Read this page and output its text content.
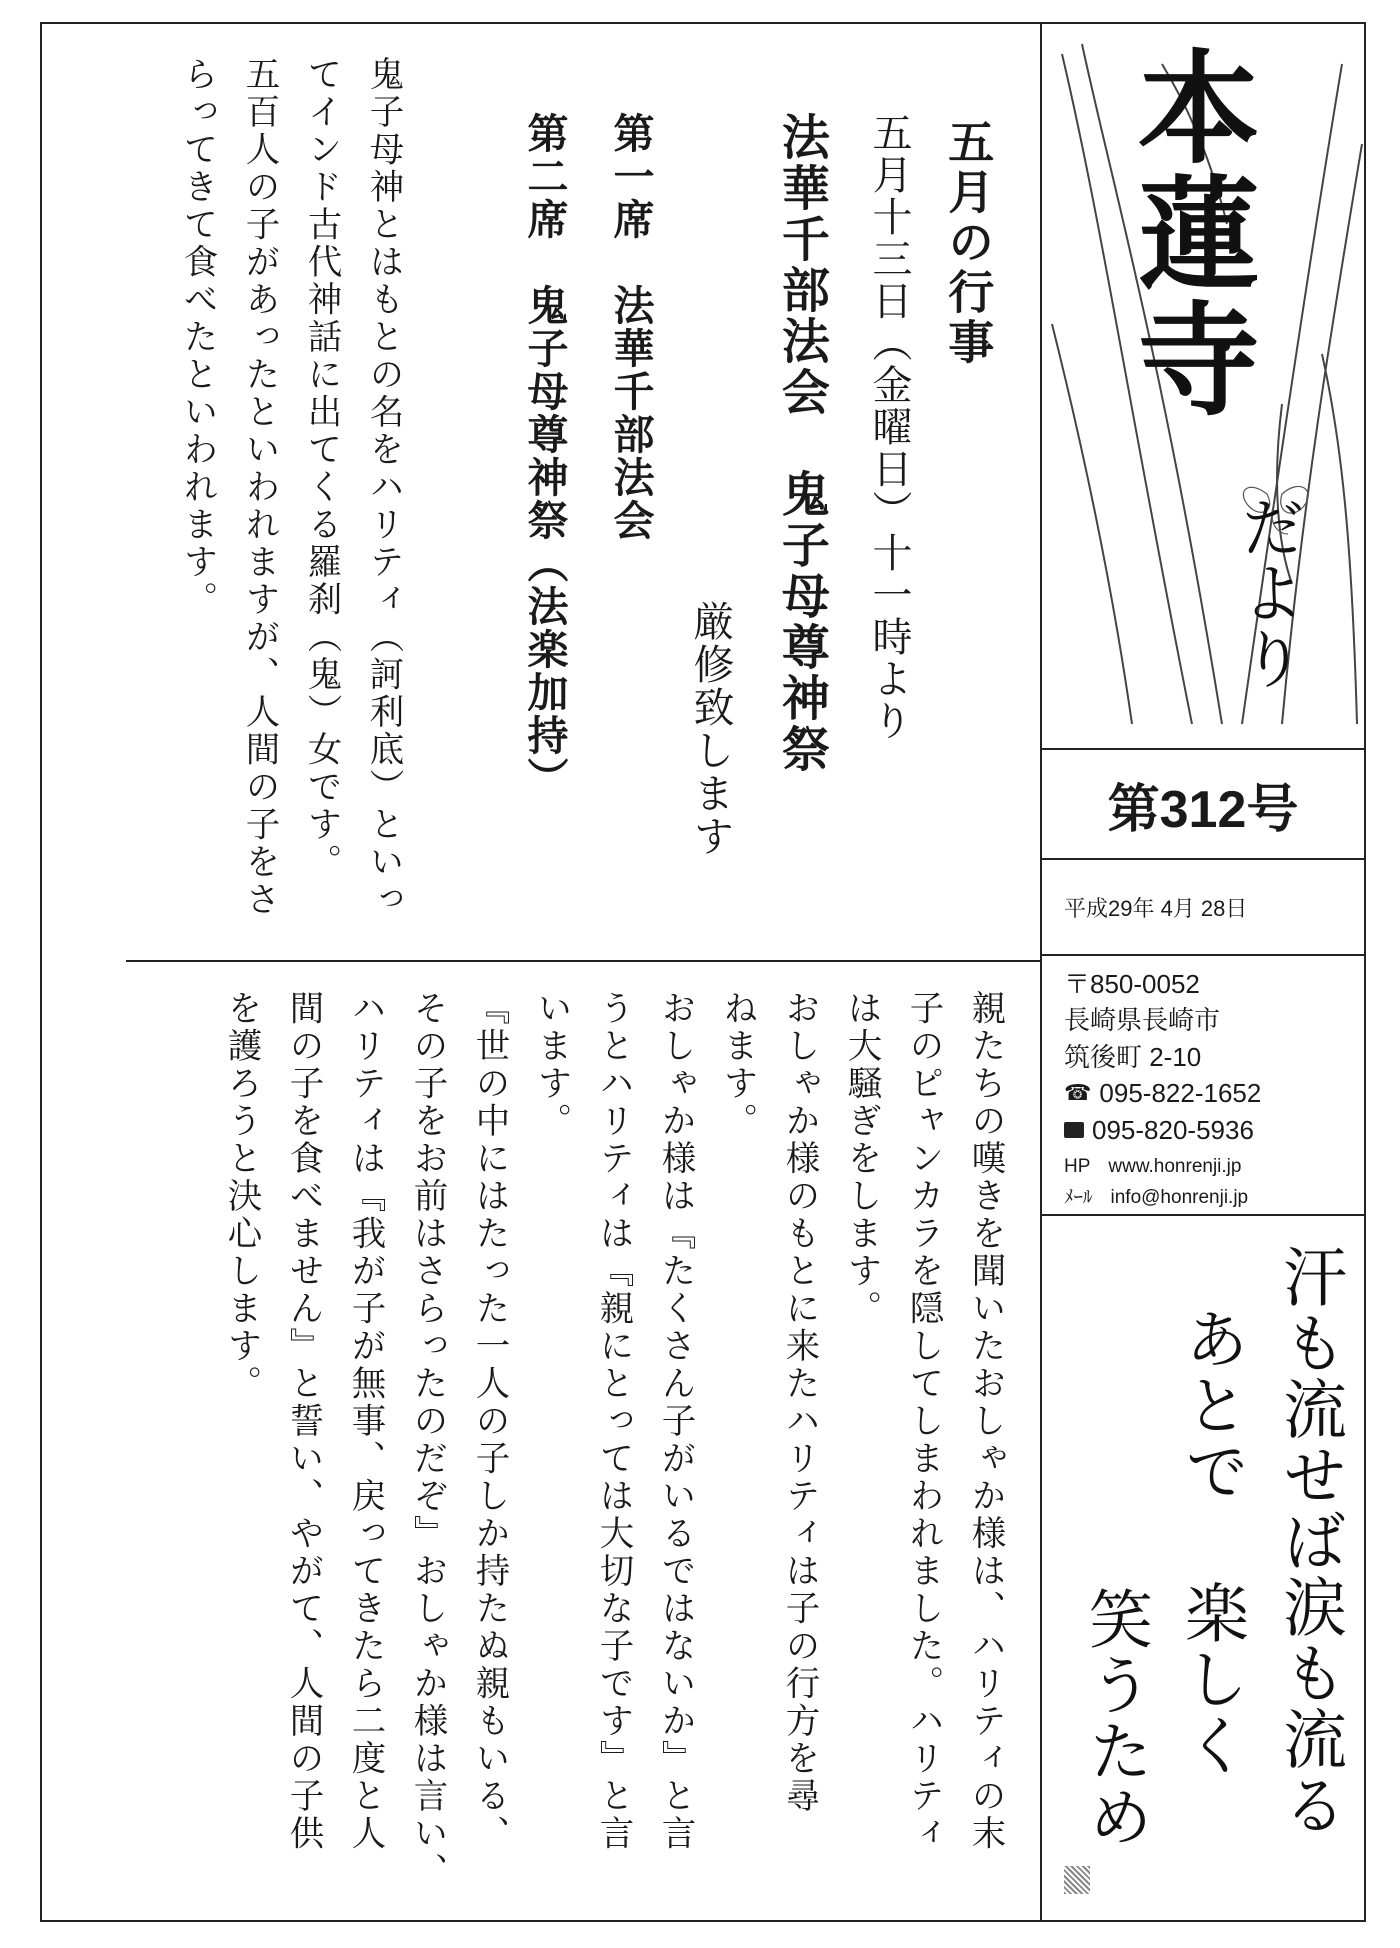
五月の行事
五月十三日（金曜日）十一時より
法華千部法会　鬼子母尊神祭
厳修致します
第一席　法華千部法会
第二席　鬼子母尊神祭（法楽加持）
鬼子母神とはもとの名をハリティ（訶利底）といっ
てインド古代神話に出てくる羅刹（鬼）女です。
五百人の子があったといわれますが、人間の子をさ
らってきて食べたといわれます。
親たちの嘆きを聞いたおしゃか様は、ハリティの末
子のピャンカラを隠してしまわれました。ハリティ
は大騒ぎをします。
おしゃか様のもとに来たハリティは子の行方を尋
ねます。
おしゃか様は『たくさん子がいるではないか』と言
うとハリティは『親にとっては大切な子です』と言
います。
『世の中にはたった一人の子しか持たぬ親もいる、
その子をお前はさらったのだぞ』おしゃか様は言い、
ハリティは『我が子が無事、戻ってきたら二度と人
間の子を食べません』と誓い、やがて、人間の子供
を護ろうと決心します。
本蓮寺
だより
第312号
平成29年 4月 28日
〒850-0052
長崎県長崎市
筑後町 2-10
☎ 095-822-1652
095-820-5936
HP www.honrenji.jp
ﾒｰﾙ info@honrenji.jp
汗も流せば涙も流る
あとで 楽しく
笑うため
